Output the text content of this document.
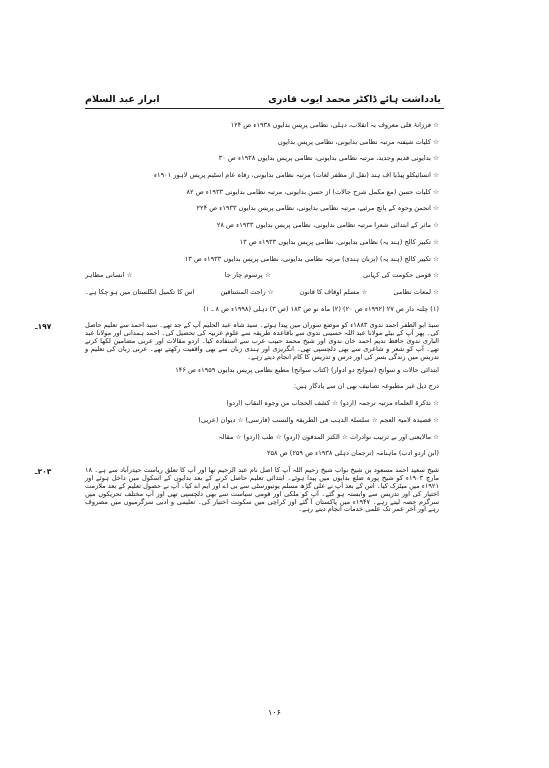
یادداشت ہائے ڈاکٹر محمد ایوب قادری
ابرار عبد السلام
☆ فرزانۂ فلی معروف بہ انقلاب، دہلی، نظامی پریس بدایوں ۱۹۳۸ء ص ۱۲۴
☆ کلیات شیفتہ مرتبہ نظامی بدایونی، نظامی پریس بدایوں
☆ بدایونی قدیم وجدید، مرتبہ نظامی بدایونی، نظامی پریس بدایوں ۱۹۳۸ء ص ۳۰
☆ انسائیکلو پیڈیا آف ہند (نقل از مظفر لغات) مرتبہ نظامی بدایونی، رفاہ عام اسٹیم پریس لاہور ۱۹۰۱ء
☆ کلیات حسن (مع مکمل شرح حالات) از حسن بدایونی، مرتبہ نظامی بدایونی ۱۹۳۳ء ص ۸۲
☆ انجمن وجوہ کے پانچ مرثیے، مرتبہ نظامی بدایونی، نظامی پریس بدایوں ۱۹۳۳ء ص ۲۲۴
☆ ماثر کے ابتدائی شعرا مرتبہ نظامی بدایونی، نظامی پریس بدایوں ۱۹۳۳ء ص ۲۸
☆ تکبیر کالج (ہند یہ) نظامی بدایونی، نظامی پریس بدایوں ۱۹۳۳ء ص ۱۳
☆ تکبیر کالج (ہند یہ) (بزبان ہندی) مرتبہ نظامی بدایونی، نظامی پریس بدایوں ۱۹۳۳ء ص ۱۳
☆ قومی حکومت کی کہانی
☆ پرسوم چار جا
☆ انسانی مظاہر
☆ لمعات نظامی
☆ مسلم اوقاف کا قانون
☆ راحت المشتاقین
اس کا تکمیل انگلستان میں ہو چکا ہے۔
(۱) چلنہ دار ص ۲۷ (۱۹۹۲ء ص ۲۰) (۲) ماہ نو ص ۱۸۳ (ص ۳) دہلی (۱۹۹۸ء ص ۸ ـ ۱)
۱۹۷ـ	سید ابو الظفر احمد ندوی ۱۸۸۳ء کو موضع سوراں میں پیدا ہوئے۔ سید شاہ عبد الحلیم آپ کے جد تھے۔ سید احمد سے تعلیم حاصل کی۔ پھر آپ کے بیٹے مولانا عبد اللہ حسینی ندوی سے باقاعدہ طریقہ سے علوم عربیہ کی تحصیل کی۔ احمد ہمدانی اور مولانا عبد الباری ندوی حافظ ندیم احمد خان ندوی اور شیخ محمد حبیب عرب سے استفادہ کیا۔ اردو مقالات اور عربی مضامین لکھا کرتے تھے۔ آپ کو شعر و شاعری سے بھی دلچسپی تھی۔ انگریزی اور ہندی زبان سے بھی واقفیت رکھتے تھے۔ عربی زبان کی تعلیم و تدریس میں زندگی بسر کی اور درس و تدریس کا کام انجام دیتے رہے۔
ابتدائی حالات و سوانح (سوانح دو ادوار) (کتاب سوانح) مطبع نظامی پریس بدایوں ۱۹۵۹ء ص ۱۴۶
درج ذیل غیر مطبوعہ تصانیف بھی ان سے یادگار ہیں:
☆ تذکرۃ العلماء مرتبہ ترجمہ (اردو) ☆ کشف الحجاب من وجوہ النقاب (اردو)
☆ قصیدہ لامیۃ العجم ☆ سلسلۃ الذہب فی الطریقۃ والنسب (فارسی) ☆ دیوان (عربی)
☆ مالایعنی اور بے ترتیب نوادرات ☆ الکنز المدفون (اردو) ☆ طب (اردو) ☆ مقالہ
(ابن اردو ادب) ماہنامہ (ترجمان دہلی ۱۹۳۸ء ص ۲۵۹) ص ۲۵۸
۲۰۳ـ	شیخ سعید احمد مسعود بن شیخ نواب شیخ رحیم اللہ آپ کا اصل نام عبد الرحیم تھا اور آپ کا تعلق ریاست حیدرآباد سے ہے۔ ۱۸ مارچ ۱۹۰۳ء کو شیخ پورہ ضلع بدایوں میں پیدا ہوئے۔ ابتدائی تعلیم حاصل کرنے کے بعد بدایوں کے اسکول میں داخل ہوئے اور ۱۹۲۱ء میں میٹرک کیا۔ اس کے بعد آپ نے علی گڑھ مسلم یونیورسٹی سے بی اے اور ایم اے کیا۔ آپ نے حصول تعلیم کے بعد ملازمت اختیار کی اور تدریس سے وابستہ ہو گئے۔ آپ کو ملکی اور قومی سیاست سے بھی دلچسپی تھی اور آپ مختلف تحریکوں میں سرگرم حصہ لیتے رہے۔ ۱۹۴۷ء میں پاکستان آ گئے اور کراچی میں سکونت اختیار کی۔ تعلیمی و ادبی سرگرمیوں میں مصروف رہے اور آخر عمر تک علمی خدمات انجام دیتے رہے۔
۱۰۶
